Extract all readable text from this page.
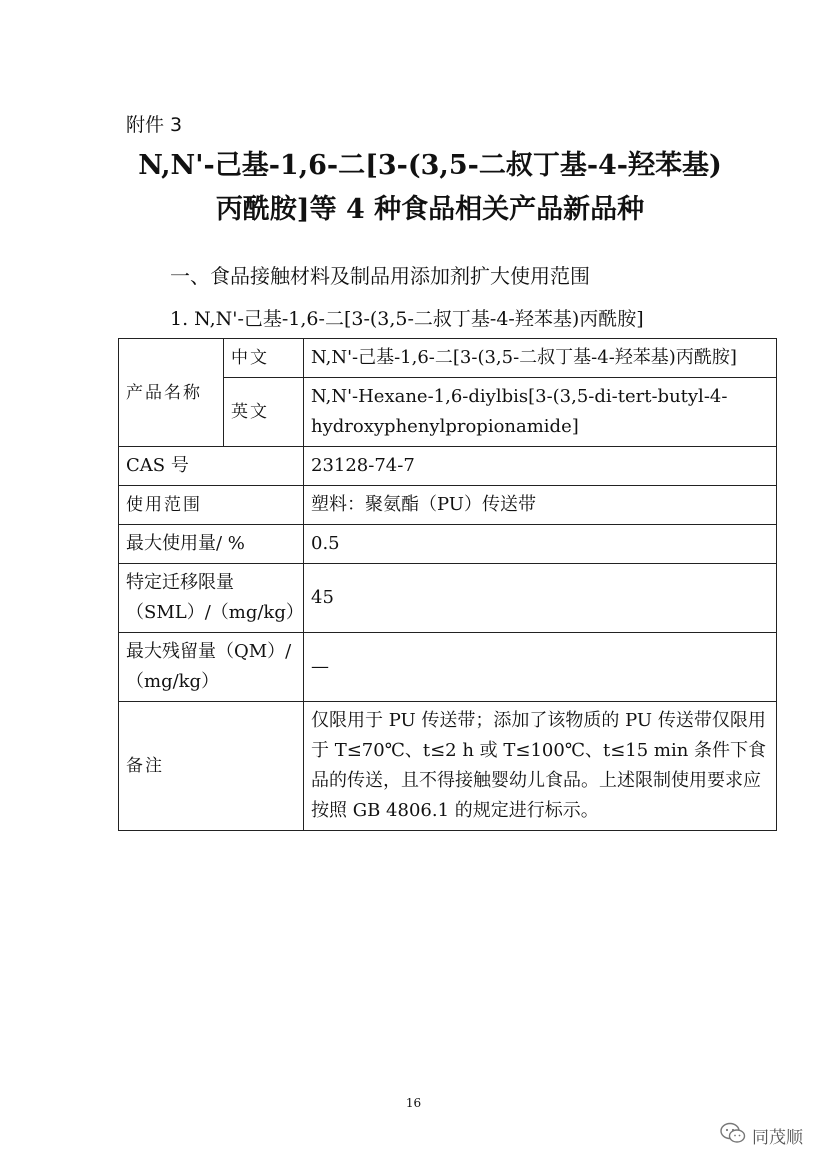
附件 3
N,N'-己基-1,6-二[3-(3,5-二叔丁基-4-羟苯基)
丙酰胺]等 4 种食品相关产品新品种
一、食品接触材料及制品用添加剂扩大使用范围
1. N,N'-己基-1,6-二[3-(3,5-二叔丁基-4-羟苯基)丙酰胺]
产品名称	中文	N,N'-己基-1,6-二[3-(3,5-二叔丁基-4-羟苯基)丙酰胺]
	英文	N,N'-Hexane-1,6-diylbis[3-(3,5-di-tert-butyl-4-hydroxyphenylpropionamide]
CAS 号		23128-74-7
使用范围		塑料：聚氨酯（PU）传送带
最大使用量/ %		0.5
特定迁移限量（SML）/（mg/kg）		45
最大残留量（QM）/（mg/kg）		—
备注		仅限用于 PU 传送带；添加了该物质的 PU 传送带仅限用于 T≤70℃、t≤2 h 或 T≤100℃、t≤15 min 条件下食品的传送，且不得接触婴幼儿食品。上述限制使用要求应按照 GB 4806.1 的规定进行标示。
16
同茂顺
